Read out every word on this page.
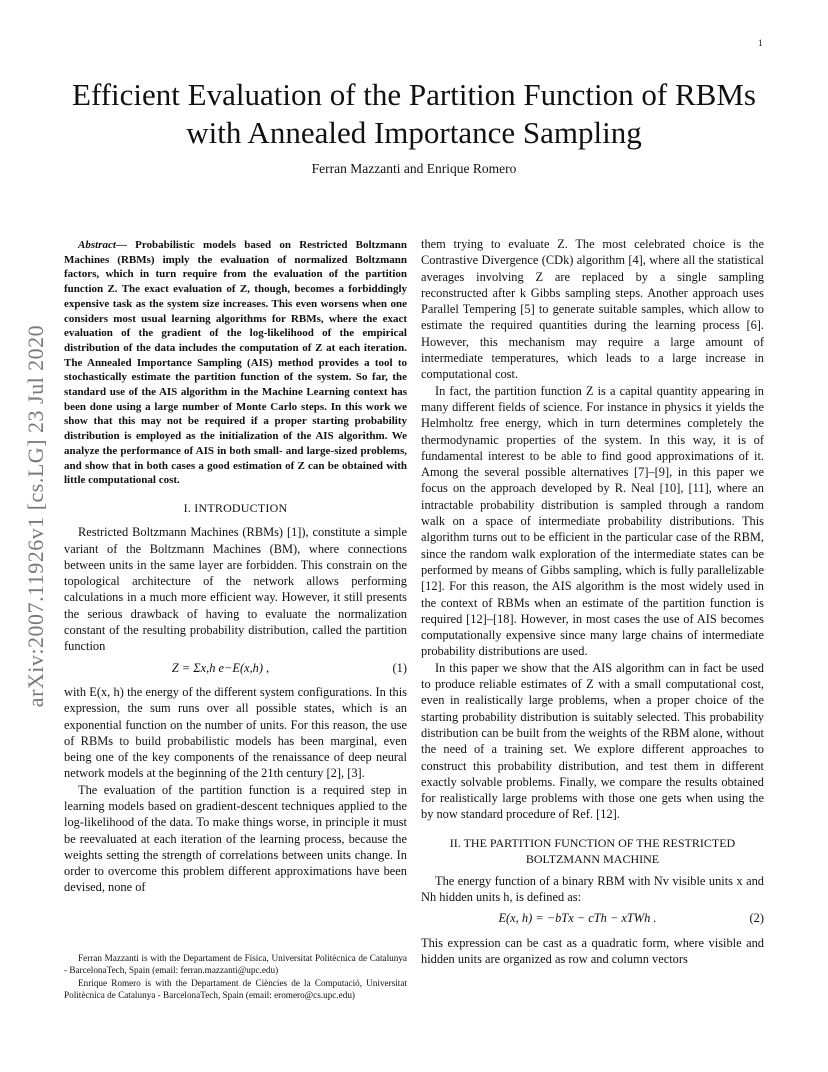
1
Efficient Evaluation of the Partition Function of RBMs with Annealed Importance Sampling
Ferran Mazzanti and Enrique Romero
arXiv:2007.11926v1 [cs.LG] 23 Jul 2020

Abstract— Probabilistic models based on Restricted Boltzmann Machines (RBMs) imply the evaluation of normalized Boltzmann factors, which in turn require from the evaluation of the partition function Z. The exact evaluation of Z, though, becomes a forbiddingly expensive task as the system size increases. This even worsens when one considers most usual learning algorithms for RBMs, where the exact evaluation of the gradient of the log-likelihood of the empirical distribution of the data includes the computation of Z at each iteration. The Annealed Importance Sampling (AIS) method provides a tool to stochastically estimate the partition function of the system. So far, the standard use of the AIS algorithm in the Machine Learning context has been done using a large number of Monte Carlo steps. In this work we show that this may not be required if a proper starting probability distribution is employed as the initialization of the AIS algorithm. We analyze the performance of AIS in both small- and large-sized problems, and show that in both cases a good estimation of Z can be obtained with little computational cost.

I. INTRODUCTION

Restricted Boltzmann Machines (RBMs) [1]), constitute a simple variant of the Boltzmann Machines (BM), where connections between units in the same layer are forbidden. This constrain on the topological architecture of the network allows performing calculations in a much more efficient way. However, it still presents the serious drawback of having to evaluate the normalization constant of the resulting probability distribution, called the partition function

Z = Σx,h e−E(x,h) ,	(1)

with E(x, h) the energy of the different system configurations. In this expression, the sum runs over all possible states, which is an exponential function on the number of units. For this reason, the use of RBMs to build probabilistic models has been marginal, even being one of the key components of the renaissance of deep neural network models at the beginning of the 21th century [2], [3].

The evaluation of the partition function is a required step in learning models based on gradient-descent techniques applied to the log-likelihood of the data. To make things worse, in principle it must be reevaluated at each iteration of the learning process, because the weights setting the strength of correlations between units change. In order to overcome this problem different approximations have been devised, none of

Ferran Mazzanti is with the Departament de Física, Universitat Politècnica de Catalunya - BarcelonaTech, Spain (email: ferran.mazzanti@upc.edu)

Enrique Romero is with the Departament de Ciències de la Computació, Universitat Politècnica de Catalunya - BarcelonaTech, Spain (email: eromero@cs.upc.edu)

them trying to evaluate Z. The most celebrated choice is the Contrastive Divergence (CDk) algorithm [4], where all the statistical averages involving Z are replaced by a single sampling reconstructed after k Gibbs sampling steps. Another approach uses Parallel Tempering [5] to generate suitable samples, which allow to estimate the required quantities during the learning process [6]. However, this mechanism may require a large amount of intermediate temperatures, which leads to a large increase in computational cost.

In fact, the partition function Z is a capital quantity appearing in many different fields of science. For instance in physics it yields the Helmholtz free energy, which in turn determines completely the thermodynamic properties of the system. In this way, it is of fundamental interest to be able to find good approximations of it. Among the several possible alternatives [7]–[9], in this paper we focus on the approach developed by R. Neal [10], [11], where an intractable probability distribution is sampled through a random walk on a space of intermediate probability distributions. This algorithm turns out to be efficient in the particular case of the RBM, since the random walk exploration of the intermediate states can be performed by means of Gibbs sampling, which is fully parallelizable [12]. For this reason, the AIS algorithm is the most widely used in the context of RBMs when an estimate of the partition function is required [12]–[18]. However, in most cases the use of AIS becomes computationally expensive since many large chains of intermediate probability distributions are used.

In this paper we show that the AIS algorithm can in fact be used to produce reliable estimates of Z with a small computational cost, even in realistically large problems, when a proper choice of the starting probability distribution is suitably selected. This probability distribution can be built from the weights of the RBM alone, without the need of a training set. We explore different approaches to construct this probability distribution, and test them in different exactly solvable problems. Finally, we compare the results obtained for realistically large problems with those one gets when using the by now standard procedure of Ref. [12].

II. THE PARTITION FUNCTION OF THE RESTRICTED
BOLTZMANN MACHINE

The energy function of a binary RBM with Nv visible units x and Nh hidden units h, is defined as:

E(x, h) = −bTx − cTh − xTWh .	(2)

This expression can be cast as a quadratic form, where visible and hidden units are organized as row and column vectors
